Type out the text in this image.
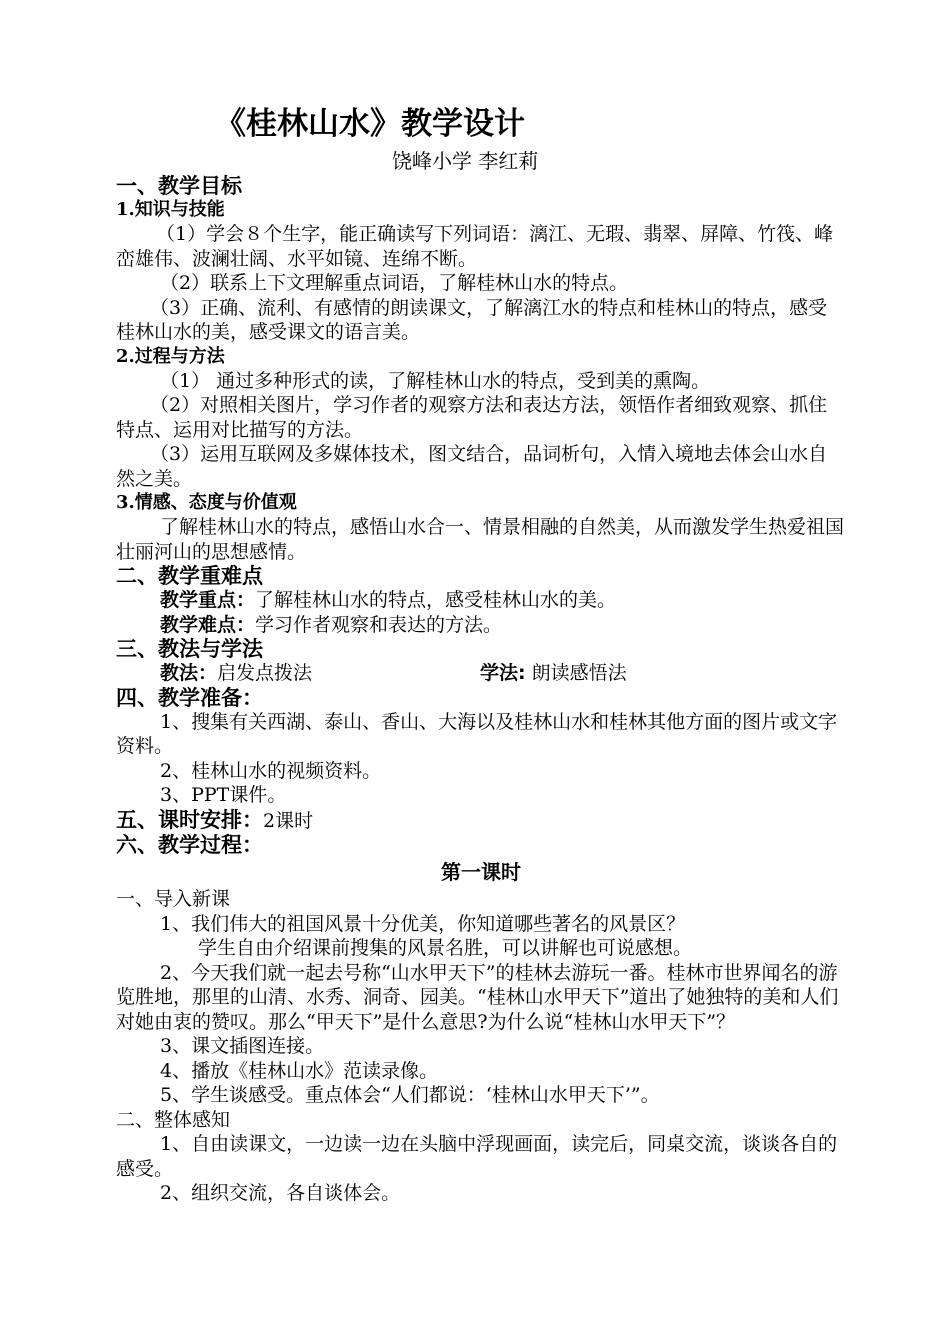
《桂林山水》教学设计
饶峰小学 李红莉

一、教学目标

1.知识与技能

（1）学会８个生字，能正确读写下列词语：漓江、无瑕、翡翠、屏障、竹筏、峰峦雄伟、波澜壮阔、水平如镜、连绵不断。

（2）联系上下文理解重点词语，了解桂林山水的特点。

（3）正确、流利、有感情的朗读课文，了解漓江水的特点和桂林山的特点，感受桂林山水的美，感受课文的语言美。

2.过程与方法

（1） 通过多种形式的读，了解桂林山水的特点，受到美的熏陶。

（2）对照相关图片，学习作者的观察方法和表达方法，领悟作者细致观察、抓住特点、运用对比描写的方法。

（3）运用互联网及多媒体技术，图文结合，品词析句，入情入境地去体会山水自然之美。

3.情感、态度与价值观

了解桂林山水的特点，感悟山水合一、情景相融的自然美，从而激发学生热爱祖国壮丽河山的思想感情。

二、教学重难点

教学重点：了解桂林山水的特点，感受桂林山水的美。

教学难点：学习作者观察和表达的方法。

三、教法与学法

教法：启发点拨法	学法: 朗读感悟法

四、教学准备：

1、搜集有关西湖、泰山、香山、大海以及桂林山水和桂林其他方面的图片或文字资料。

2、桂林山水的视频资料。

3、PPT课件。

五、课时安排：2课时

六、教学过程：

第一课时

一、导入新课

1、我们伟大的祖国风景十分优美，你知道哪些著名的风景区？

学生自由介绍课前搜集的风景名胜，可以讲解也可说感想。

2、今天我们就一起去号称“山水甲天下”的桂林去游玩一番。桂林市世界闻名的游览胜地，那里的山清、水秀、洞奇、园美。“桂林山水甲天下”道出了她独特的美和人们对她由衷的赞叹。那么“甲天下”是什么意思?为什么说“桂林山水甲天下”？

3、课文插图连接。

4、播放《桂林山水》范读录像。

5、学生谈感受。重点体会“人们都说：‘桂林山水甲天下’”。

二、整体感知

1、自由读课文，一边读一边在头脑中浮现画面，读完后，同桌交流，谈谈各自的感受。

2、组织交流，各自谈体会。
